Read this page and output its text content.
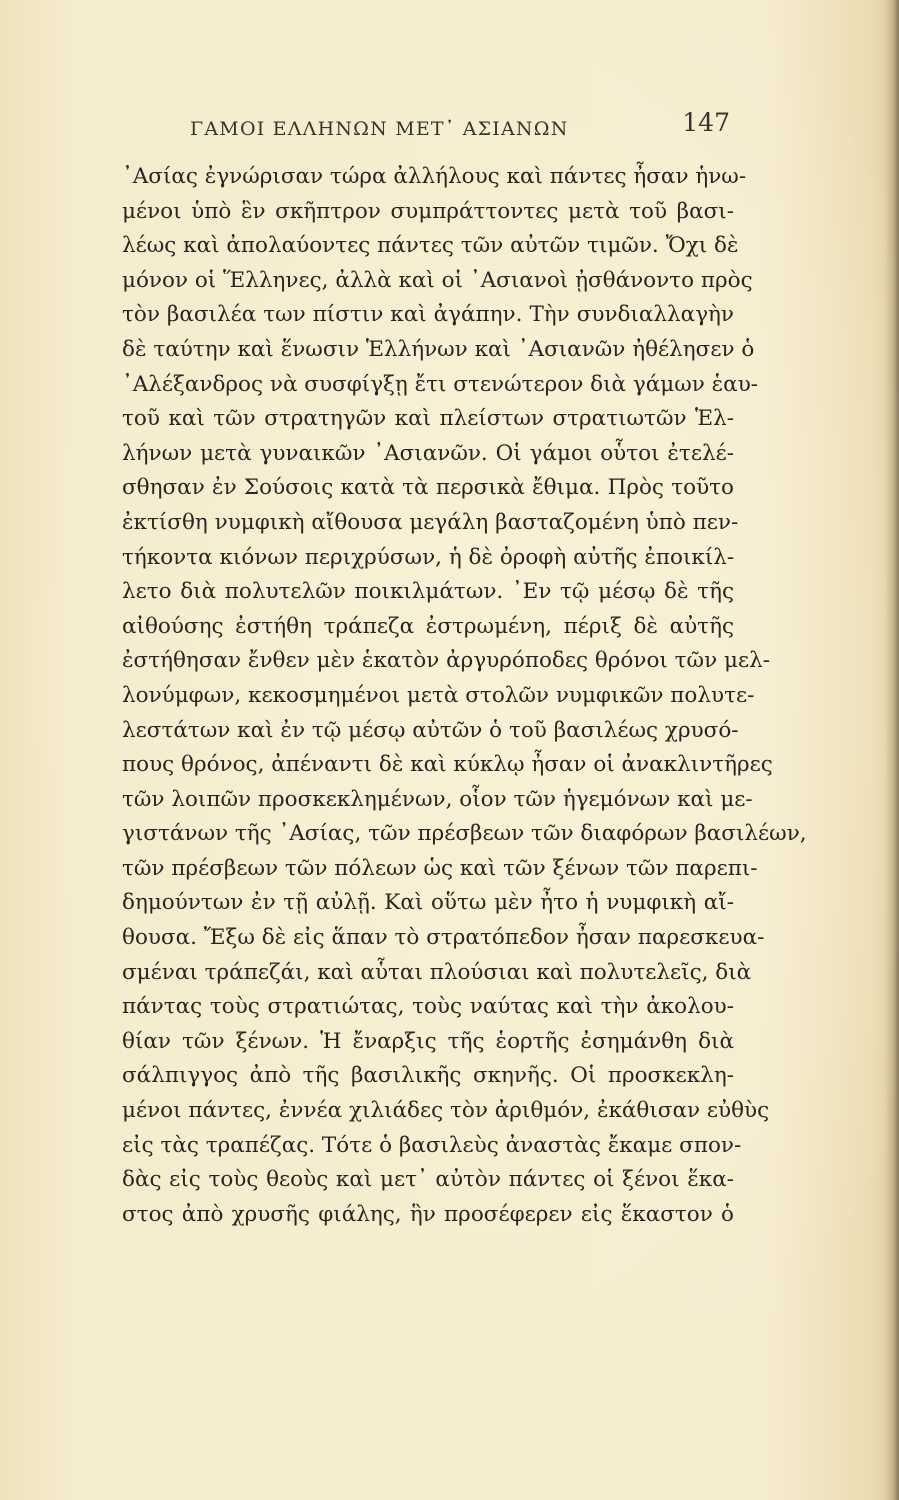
ΓΑΜΟΙ ΕΛΛΗΝΩΝ ΜΕΤ᾽ ΑΣΙΑΝΩΝ	147
᾿Ασίας ἐγνώρισαν τώρα ἀλλήλους καὶ πάντες ἦσαν ἡνω-
μένοι ὑπὸ ἓν σκῆπτρον συμπράττοντες μετὰ τοῦ βασι-
λέως καὶ ἀπολαύοντες πάντες τῶν αὐτῶν τιμῶν. Ὄχι δὲ
μόνον οἱ Ἕλληνες, ἀλλὰ καὶ οἱ ᾿Ασιανοὶ ᾐσθάνοντο πρὸς
τὸν βασιλέα των πίστιν καὶ ἀγάπην. Τὴν συνδιαλλαγὴν
δὲ ταύτην καὶ ἕνωσιν Ἑλλήνων καὶ ᾿Ασιανῶν ἠθέλησεν ὁ
᾿Αλέξανδρος νὰ συσφίγξῃ ἔτι στενώτερον διὰ γάμων ἑαυ-
τοῦ καὶ τῶν στρατηγῶν καὶ πλείστων στρατιωτῶν Ἑλ-
λήνων μετὰ γυναικῶν ᾿Ασιανῶν. Οἱ γάμοι οὗτοι ἐτελέ-
σθησαν ἐν Σούσοις κατὰ τὰ περσικὰ ἔθιμα. Πρὸς τοῦτο
ἐκτίσθη νυμφικὴ αἴθουσα μεγάλη βασταζομένη ὑπὸ πεν-
τήκοντα κιόνων περιχρύσων, ἡ δὲ ὀροφὴ αὐτῆς ἐποικίλ-
λετο διὰ πολυτελῶν ποικιλμάτων. ᾿Εν τῷ μέσῳ δὲ τῆς
αἰθούσης ἐστήθη τράπεζα ἐστρωμένη, πέριξ δὲ αὐτῆς
ἐστήθησαν ἔνθεν μὲν ἑκατὸν ἀργυρόποδες θρόνοι τῶν μελ-
λονύμφων, κεκοσμημένοι μετὰ στολῶν νυμφικῶν πολυτε-
λεστάτων καὶ ἐν τῷ μέσῳ αὐτῶν ὁ τοῦ βασιλέως χρυσό-
πους θρόνος, ἀπέναντι δὲ καὶ κύκλῳ ἦσαν οἱ ἀνακλιντῆρες
τῶν λοιπῶν προσκεκλημένων, οἷον τῶν ἡγεμόνων καὶ με-
γιστάνων τῆς ᾿Ασίας, τῶν πρέσβεων τῶν διαφόρων βασιλέων,
τῶν πρέσβεων τῶν πόλεων ὡς καὶ τῶν ξένων τῶν παρεπι-
δημούντων ἐν τῇ αὐλῇ. Καὶ οὕτω μὲν ἦτο ἡ νυμφικὴ αἴ-
θουσα. Ἔξω δὲ εἰς ἅπαν τὸ στρατόπεδον ἦσαν παρεσκευα-
σμέναι τράπεζάι, καὶ αὗται πλούσιαι καὶ πολυτελεῖς, διὰ
πάντας τοὺς στρατιώτας, τοὺς ναύτας καὶ τὴν ἀκολου-
θίαν τῶν ξένων. Ἡ ἔναρξις τῆς ἑορτῆς ἐσημάνθη διὰ
σάλπιγγος ἀπὸ τῆς βασιλικῆς σκηνῆς. Οἱ προσκεκλη-
μένοι πάντες, ἐννέα χιλιάδες τὸν ἀριθμόν, ἐκάθισαν εὐθὺς
εἰς τὰς τραπέζας. Τότε ὁ βασιλεὺς ἀναστὰς ἔκαμε σπον-
δὰς εἰς τοὺς θεοὺς καὶ μετ᾽ αὐτὸν πάντες οἱ ξένοι ἕκα-
στος ἀπὸ χρυσῆς φιάλης, ἣν προσέφερεν εἰς ἕκαστον ὁ
